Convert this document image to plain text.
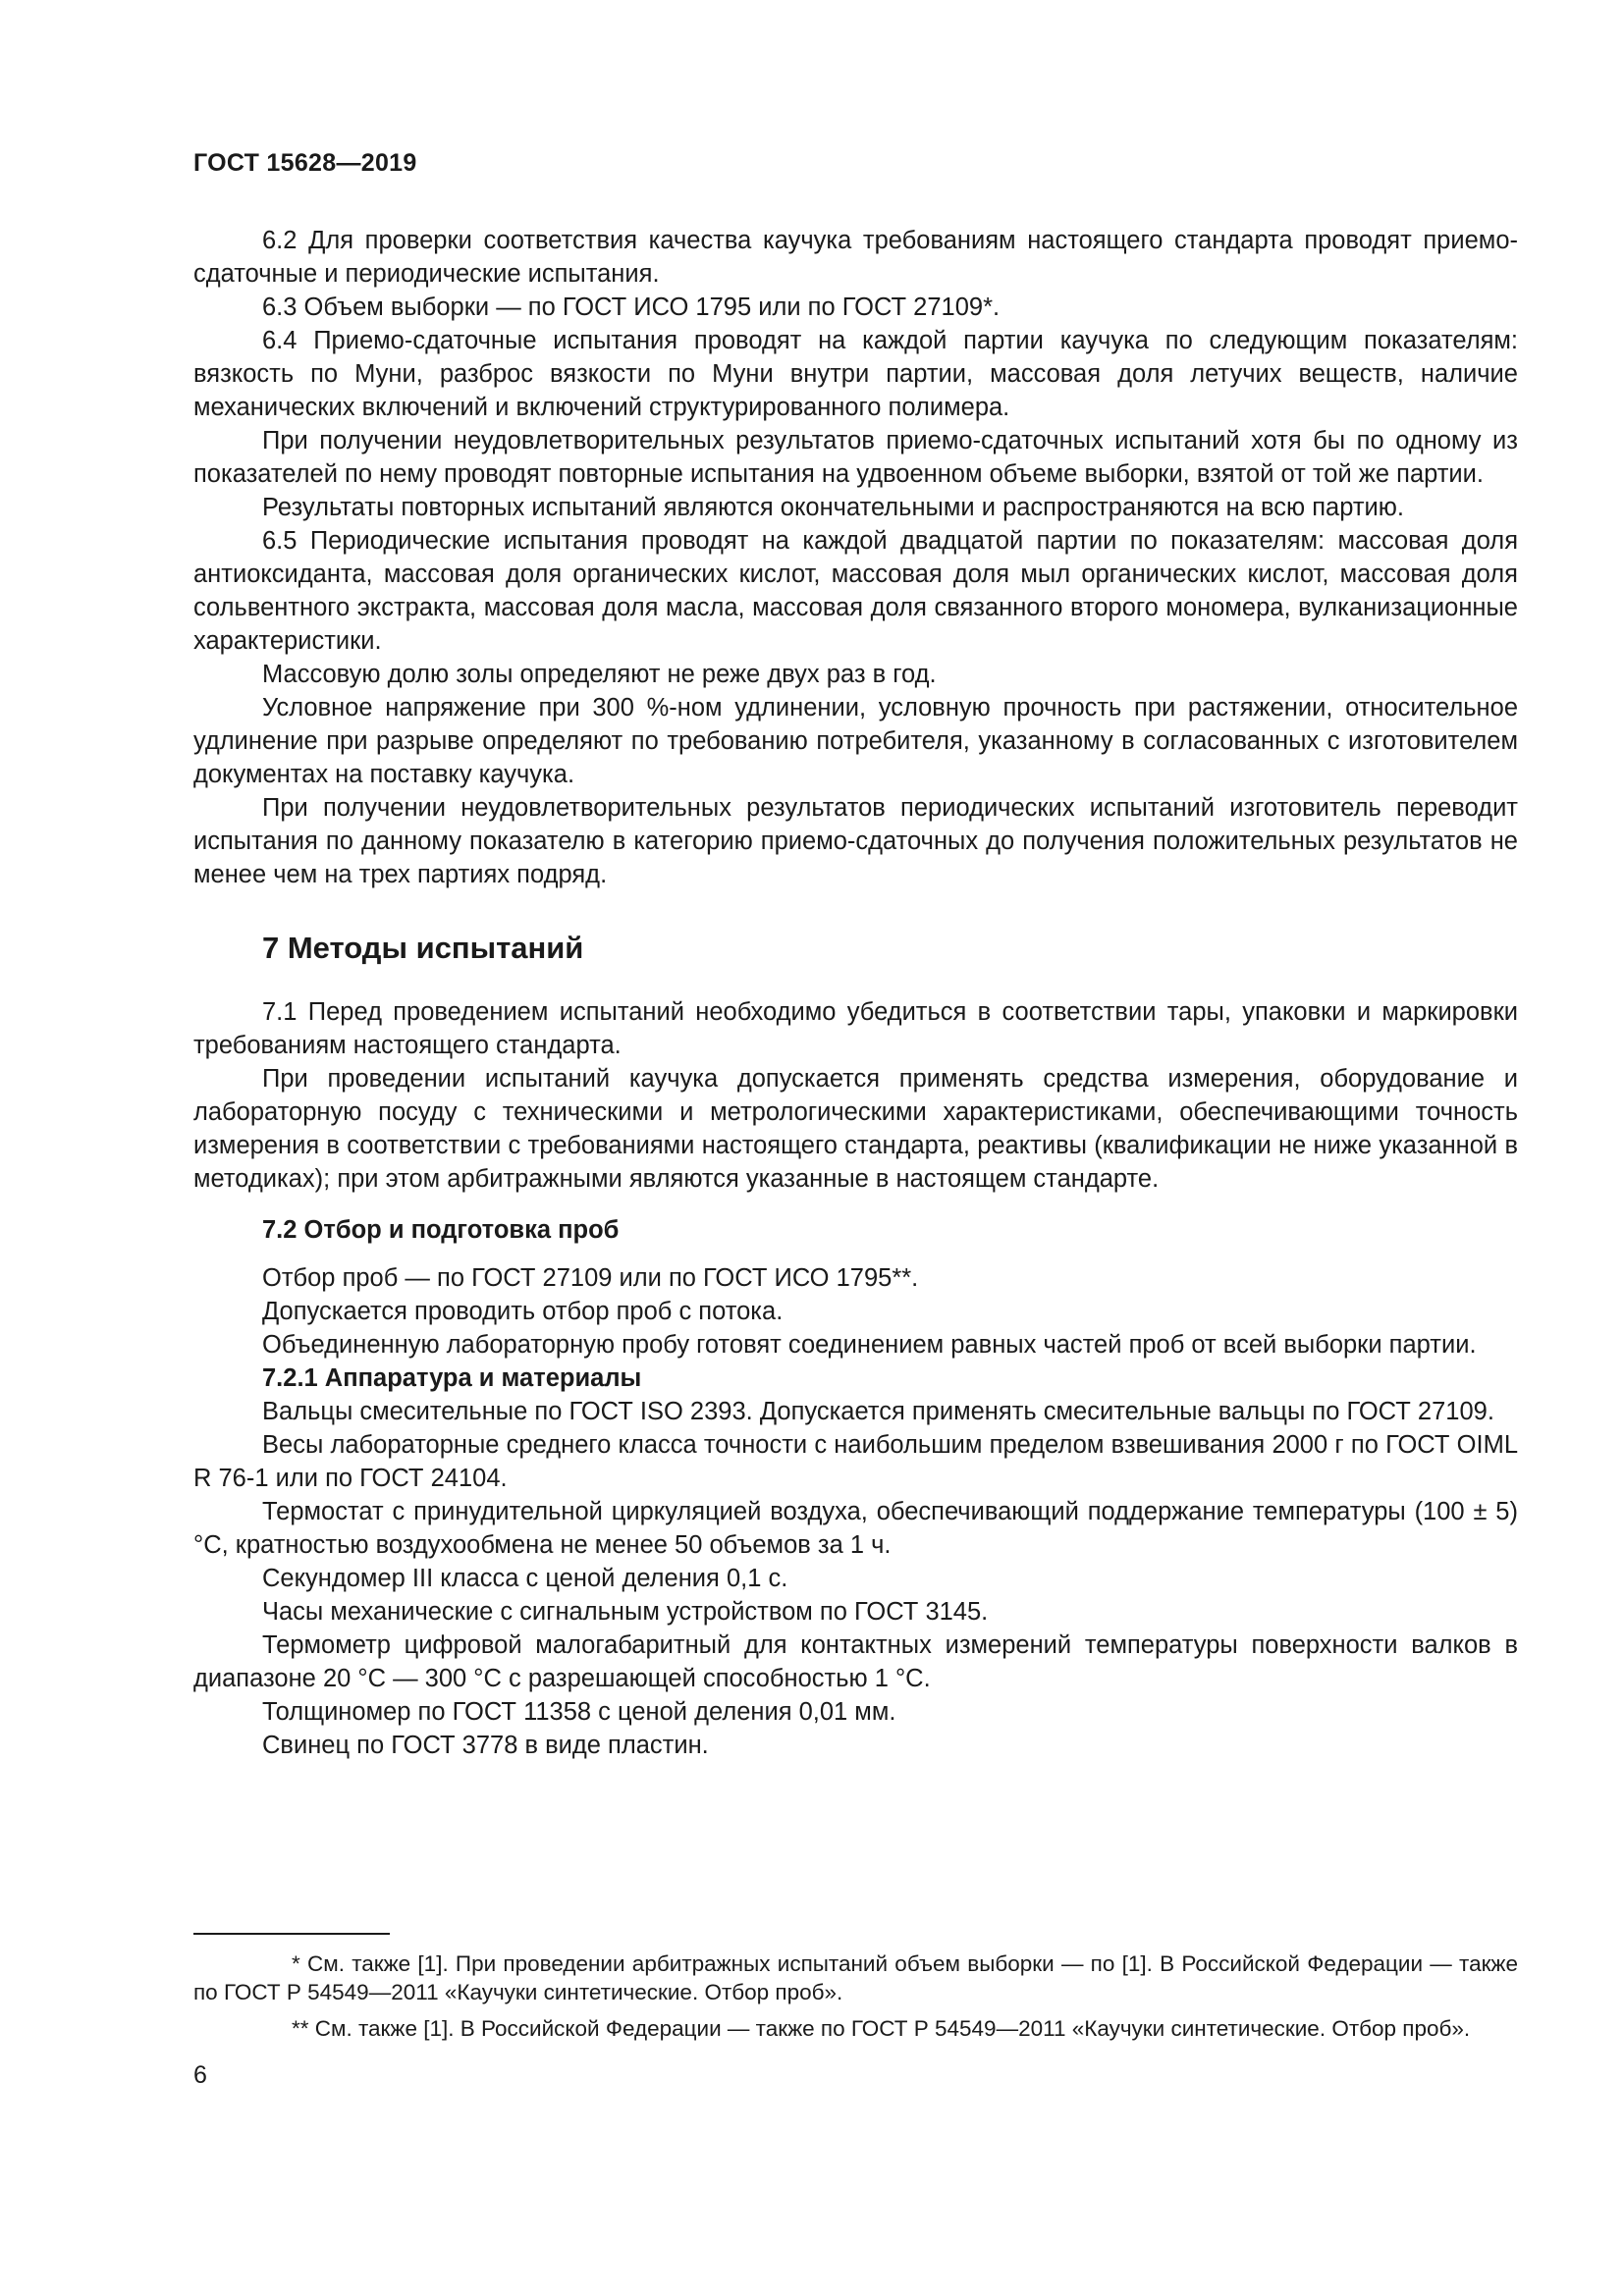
ГОСТ 15628—2019

6.2 Для проверки соответствия качества каучука требованиям настоящего стандарта проводят приемо-сдаточные и периодические испытания.

6.3 Объем выборки — по ГОСТ ИСО 1795 или по ГОСТ 27109*.

6.4 Приемо-сдаточные испытания проводят на каждой партии каучука по следующим показателям: вязкость по Муни, разброс вязкости по Муни внутри партии, массовая доля летучих веществ, наличие механических включений и включений структурированного полимера.

При получении неудовлетворительных результатов приемо-сдаточных испытаний хотя бы по одному из показателей по нему проводят повторные испытания на удвоенном объеме выборки, взятой от той же партии.

Результаты повторных испытаний являются окончательными и распространяются на всю партию.

6.5 Периодические испытания проводят на каждой двадцатой партии по показателям: массовая доля антиоксиданта, массовая доля органических кислот, массовая доля мыл органических кислот, массовая доля сольвентного экстракта, массовая доля масла, массовая доля связанного второго мономера, вулканизационные характеристики.

Массовую долю золы определяют не реже двух раз в год.

Условное напряжение при 300 %-ном удлинении, условную прочность при растяжении, относительное удлинение при разрыве определяют по требованию потребителя, указанному в согласованных с изготовителем документах на поставку каучука.

При получении неудовлетворительных результатов периодических испытаний изготовитель переводит испытания по данному показателю в категорию приемо-сдаточных до получения положительных результатов не менее чем на трех партиях подряд.

7 Методы испытаний

7.1 Перед проведением испытаний необходимо убедиться в соответствии тары, упаковки и маркировки требованиям настоящего стандарта.

При проведении испытаний каучука допускается применять средства измерения, оборудование и лабораторную посуду с техническими и метрологическими характеристиками, обеспечивающими точность измерения в соответствии с требованиями настоящего стандарта, реактивы (квалификации не ниже указанной в методиках); при этом арбитражными являются указанные в настоящем стандарте.

7.2 Отбор и подготовка проб

Отбор проб — по ГОСТ 27109 или по ГОСТ ИСО 1795**.

Допускается проводить отбор проб с потока.

Объединенную лабораторную пробу готовят соединением равных частей проб от всей выборки партии.

7.2.1 Аппаратура и материалы

Вальцы смесительные по ГОСТ ISO 2393. Допускается применять смесительные вальцы по ГОСТ 27109.

Весы лабораторные среднего класса точности с наибольшим пределом взвешивания 2000 г по ГОСТ OIML R 76-1 или по ГОСТ 24104.

Термостат с принудительной циркуляцией воздуха, обеспечивающий поддержание температуры (100 ± 5) °С, кратностью воздухообмена не менее 50 объемов за 1 ч.

Секундомер III класса с ценой деления 0,1 с.

Часы механические с сигнальным устройством по ГОСТ 3145.

Термометр цифровой малогабаритный для контактных измерений температуры поверхности валков в диапазоне 20 °С — 300 °С с разрешающей способностью 1 °С.

Толщиномер по ГОСТ 11358 с ценой деления 0,01 мм.

Свинец по ГОСТ 3778 в виде пластин.

* См. также [1]. При проведении арбитражных испытаний объем выборки — по [1]. В Российской Федерации — также по ГОСТ Р 54549—2011 «Каучуки синтетические. Отбор проб».

** См. также [1]. В Российской Федерации — также по ГОСТ Р 54549—2011 «Каучуки синтетические. Отбор проб».

6
